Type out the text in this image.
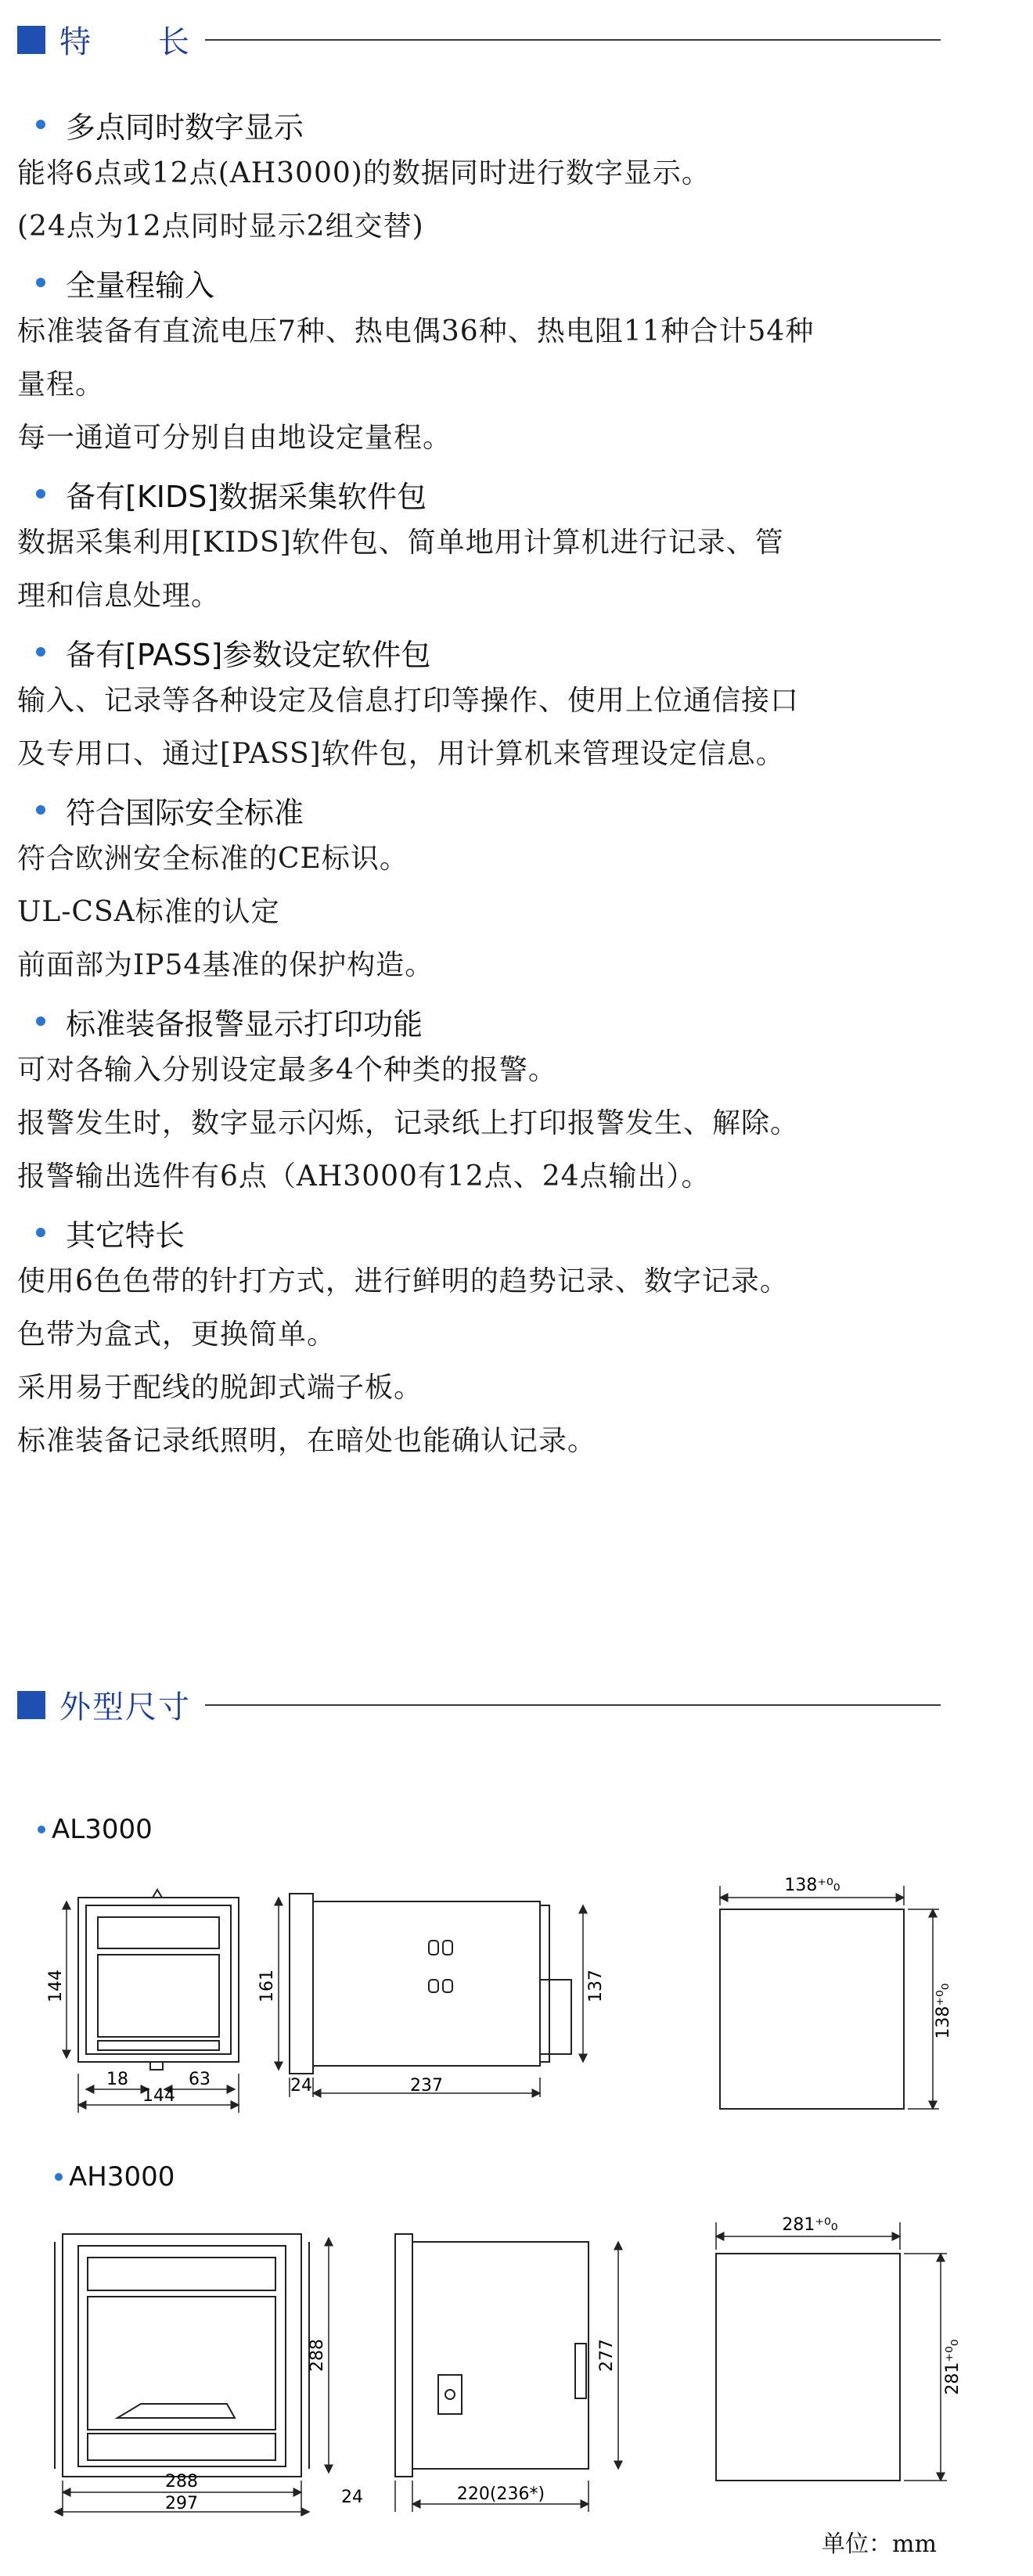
特　　长
多点同时数字显示
能将6点或12点(AH3000)的数据同时进行数字显示。
(24点为12点同时显示2组交替)
全量程输入
标准装备有直流电压7种、热电偶36种、热电阻11种合计54种
量程。
每一通道可分别自由地设定量程。
备有[KIDS]数据采集软件包
数据采集利用[KIDS]软件包、简单地用计算机进行记录、管
理和信息处理。
备有[PASS]参数设定软件包
输入、记录等各种设定及信息打印等操作、使用上位通信接口
及专用口、通过[PASS]软件包，用计算机来管理设定信息。
符合国际安全标准
符合欧洲安全标准的CE标识。
UL-CSA标准的认定
前面部为IP54基准的保护构造。
标准装备报警显示打印功能
可对各输入分别设定最多4个种类的报警。
报警发生时，数字显示闪烁，记录纸上打印报警发生、解除。
报警输出选件有6点（AH3000有12点、24点输出）。
其它特长
使用6色色带的针打方式，进行鲜明的趋势记录、数字记录。
色带为盒式，更换简单。
采用易于配线的脱卸式端子板。
标准装备记录纸照明，在暗处也能确认记录。
外型尺寸
AL3000
AH3000
144
18	63
144
161	137
24	237
138⁺⁰₀
138⁺⁰₀
288
288
297
277
24	220(236*)
281⁺⁰₀
281⁺⁰₀
单位：mm
